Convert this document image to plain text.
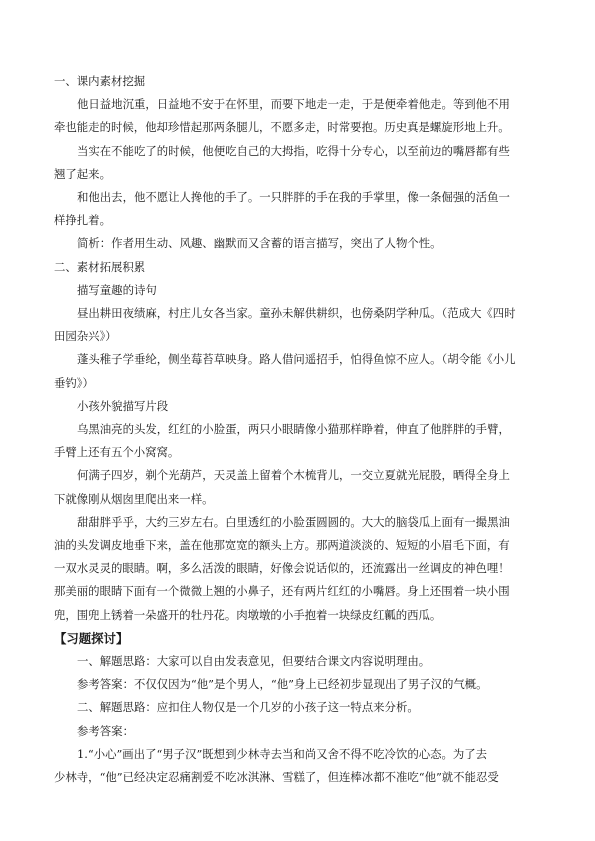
一、课内素材挖掘

他日益地沉重，日益地不安于在怀里，而要下地走一走，于是便牵着他走。等到他不用

牵也能走的时候，他却珍惜起那两条腿儿，不愿多走，时常要抱。历史真是螺旋形地上升。

当实在不能吃了的时候，他便吃自己的大拇指，吃得十分专心，以至前边的嘴唇都有些

翘了起来。

和他出去，他不愿让人搀他的手了。一只胖胖的手在我的手掌里，像一条倔强的活鱼一

样挣扎着。

简析：作者用生动、风趣、幽默而又含蓄的语言描写，突出了人物个性。

二、素材拓展积累

描写童趣的诗句

昼出耕田夜绩麻，村庄儿女各当家。童孙未解供耕织，也傍桑阴学种瓜。（范成大《四时

田园杂兴》）

蓬头稚子学垂纶，侧坐莓苔草映身。路人借问遥招手，怕得鱼惊不应人。（胡令能《小儿

垂钓》）

小孩外貌描写片段

乌黑油亮的头发，红红的小脸蛋，两只小眼睛像小猫那样睁着，伸直了他胖胖的手臂，

手臂上还有五个小窝窝。

何满子四岁，剃个光葫芦，天灵盖上留着个木梳背儿，一交立夏就光屁股，晒得全身上

下就像刚从烟囱里爬出来一样。

甜甜胖乎乎，大约三岁左右。白里透红的小脸蛋圆圆的。大大的脑袋瓜上面有一撮黑油

油的头发调皮地垂下来，盖在他那宽宽的额头上方。那两道淡淡的、短短的小眉毛下面，有

一双水灵灵的眼睛。啊，多么活泼的眼睛，好像会说话似的，还流露出一丝调皮的神色哩！

那美丽的眼睛下面有一个微微上翘的小鼻子，还有两片红红的小嘴唇。身上还围着一块小围

兜，围兜上锈着一朵盛开的牡丹花。肉墩墩的小手抱着一块绿皮红瓤的西瓜。

【习题探讨】

一、解题思路：大家可以自由发表意见，但要结合课文内容说明理由。

参考答案：不仅仅因为“他”是个男人，“他”身上已经初步显现出了男子汉的气概。

二、解题思路：应扣住人物仅是一个几岁的小孩子这一特点来分析。

参考答案：

1.“小心”画出了“男子汉”既想到少林寺去当和尚又舍不得不吃冷饮的心态。为了去

少林寺，“他”已经决定忍痛割爱不吃冰淇淋、雪糕了，但连棒冰都不准吃“他”就不能忍受
